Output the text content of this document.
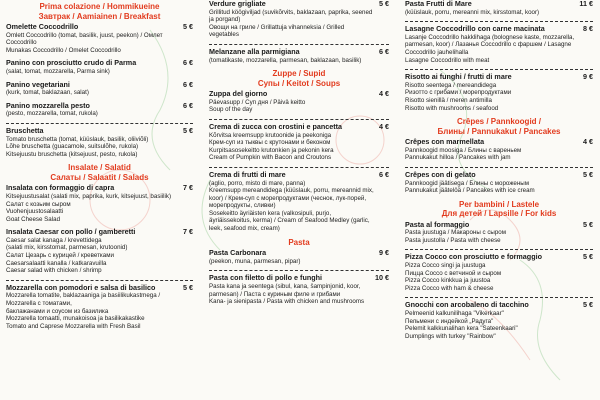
Prima colazione / Hommikueine
Завтрак / Aamiainen / Breakfast
Omelette Coccodrillo	5 €
Omlett Coccodrillo (tomat, basilik, juust, peekon) / Омлет Coccodrillo
Munakas Coccodrillo / Omelet Coccodrillo
Panino con prosciutto crudo di Parma	6 €
(salat, tomat, mozzarella, Parma sink)
Panino vegetariani	6 €
(kurk, tomat, baklazaan, salat)
Panino mozzarella pesto	6 €
(pesto, mozzarella, tomat, rukola)
Bruschetta	5 €
Tomato bruschetta (tomat, küüslauk, basilik, oliiviõli)
Lõhe bruschetta (guacamole, suitsulõhe, rukola)
Kitsejuustu bruschetta (kitsejuust, pesto, rukola)
Insalate / Salatid
Салаты / Salaatit / Salads
Insalata con formaggio di capra	7 €
Kitsejuustusalat (salati mix, paprika, kurk, kitsejuust, basiilik)
Салат с козьим сыром
Vuohenjuustosalaatti
Goat Cheese Salad
Insalata Caesar con pollo / gamberetti	7 €
Caesar salat kanaga / krevettidega
(salati mix, kirsstomat, parmesan, krutoonid)
Салат Цезарь с курицей / креветками
Caesarsalaatti kanalla / katkaravuilla
Caesar salad with chicken / shrimp
Mozzarella con pomodori e salsa di basilico	5 €
Mozzarella tomatite, baklazaaniga ja basiilikukastmega / Mozzarella с томатами,
баклажанами и соусом из базилика
Mozzarella tomaatti, munakoisoa ja basilikakastike
Tomato and Caprese Mozzarella with Fresh Basil
Verdure grigliate	5 €
Grillitud köögiviljad (suvikõrvits, baklazaan, paprika, seened ja porgand)
Овощи на гриле / Grillattuja vihanneksia / Grilled vegetables
Melanzane alla parmigiana	6 €
(tomatikaste, mozzarella, parmesan, baklazaan, basilik)
Zuppe / Supid
Супы / Keitot / Soups
Zuppa del giorno	4 €
Päevasupp / Суп дня / Päivä keitto
Soup of the day
Crema di zucca con crostini e pancetta	4 €
Kõrvitsa kreemsupp krutoonide ja peekoniga
Крем-суп из тыквы с крутонами и беконом
Kurpitsasosekeitto krutonkien ja pekonin kera
Cream of Pumpkin with Bacon and Croutons
Crema di frutti di mare	6 €
(aglio, porro, misto di mare, panna)
Kreemsupp mereandidega (küüslauk, porru, mereannid mix, koor) / Крем-суп с морепродуктами (чеснок, лук-порей, морепродукты, сливки)
Sosekeitto äyriäisten kera (valkosipuli, purjo, äyriäissekoitus, kerma) / Cream of Seafood Medley (garlic, leek, seafood mix, cream)
Pasta
Pasta Carbonara	9 €
(peekon, muna, parmesan, pipar)
Pasta con filetto di pollo e funghi	10 €
Pasta kana ja seentega (sibul, kana, šampinjonid, koor, parmesan) / Паста с куриным филе и грибами
Kana- ja sienipasta / Pasta with chicken and mushrooms
Pasta Frutti di Mare	11 €
(küüslauk, porru, mereanni mix, kirsstomat, koor)
Lasagne Coccodrillo con carne macinata	8 €
Lasanje Coccodrillo hakklihaga (bolognese kaste, mozzarella, parmesan, koor) / Лазанья Coccodrillo с фаршем / Lasagne Coccodrillo jauhelihalla
Lasagne Coccodrillo with meat
Risotto ai funghi / frutti di mare	9 €
Risotto seentega / mereandidega
Ризотто с грибами / морепродуктами
Risotto sienillä / meren antimilla
Risotto with mushrooms / seafood
Crêpes / Pannkoogid /
Блины / Pannukakut / Pancakes
Crêpes con marmellata	4 €
Pannkoogid moosiga / Блины с вареньем
Pannukakut hilloa / Pancakes with jam
Crêpes con di gelato	5 €
Pannkoogid jäätisega / Блины с мороженым
Pannukakut jäätelöä / Pancakes with ice cream
Per bambini / Lastele
Для детей / Lapsille / For kids
Pasta al formaggio	5 €
Pasta juustuga / Макароны с сыром
Pasta juustolla / Pasta with cheese
Pizza Cocco con prosciutto e formaggio	5 €
Pizza Cocco singi ja juustuga
Пицца Cocco с ветчиной и сыром
Pizza Cocco kinkkua ja juustoa
Pizza Cocco with ham & cheese
Gnocchi con arcobaleno di tacchino	5 €
Pelmeenid kalkunilihaga "Vikerkaar"
Пельмени с индейкой „Радуга"
Pelemit kalkkunalihan kera "Sateenkaari"
Dumplings with turkey "Rainbow"
